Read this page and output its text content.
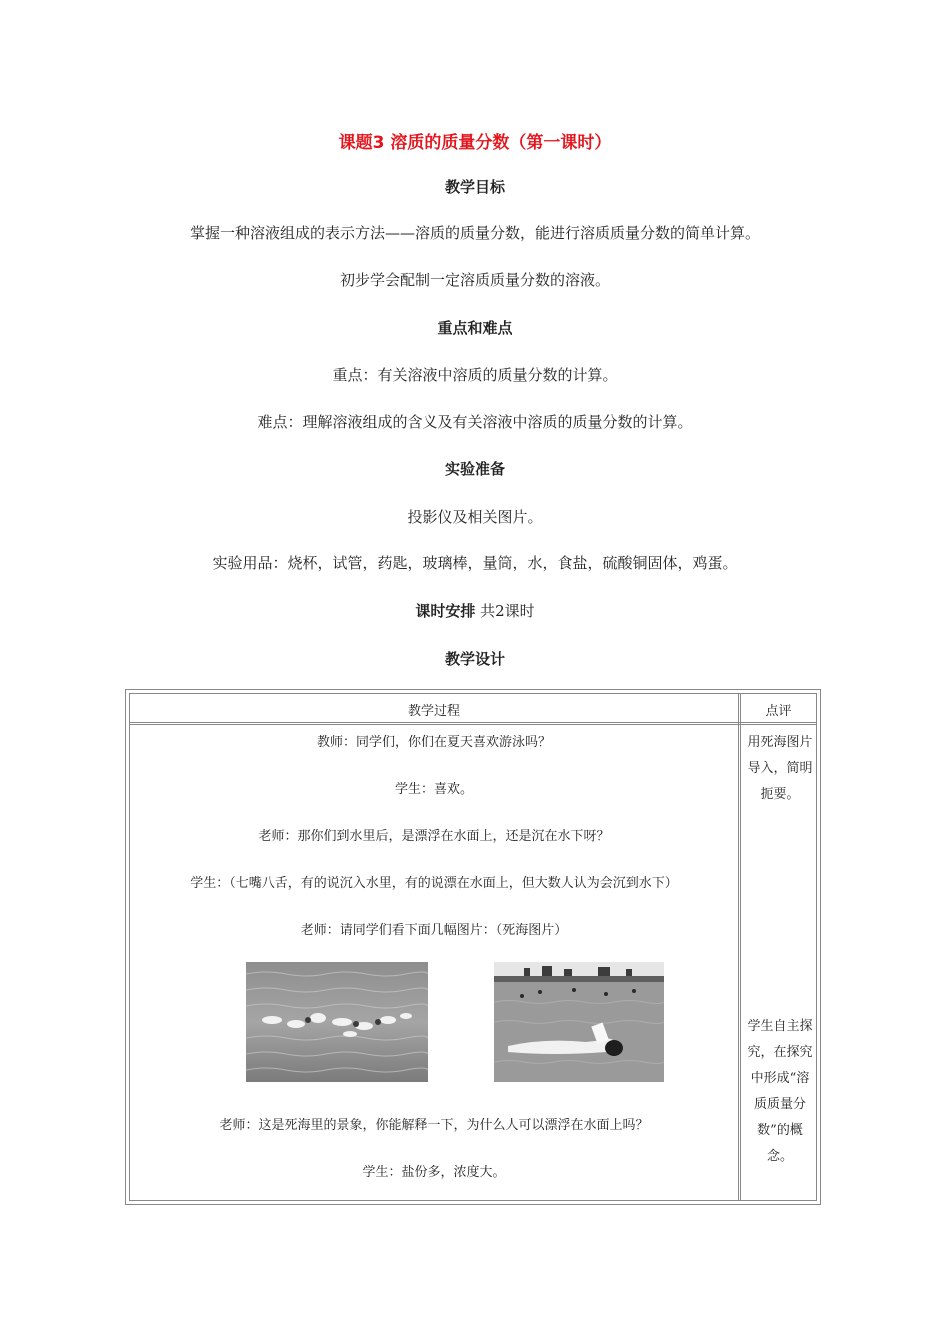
课题3 溶质的质量分数（第一课时）
教学目标
掌握一种溶液组成的表示方法——溶质的质量分数，能进行溶质质量分数的简单计算。
初步学会配制一定溶质质量分数的溶液。
重点和难点
重点：有关溶液中溶质的质量分数的计算。
难点：理解溶液组成的含义及有关溶液中溶质的质量分数的计算。
实验准备
投影仪及相关图片。
实验用品：烧杯，试管，药匙，玻璃棒，量筒，水，食盐，硫酸铜固体，鸡蛋。
课时安排 共2课时
教学设计
教学过程	点评
教师：同学们，你们在夏天喜欢游泳吗？
学生：喜欢。
老师：那你们到水里后，是漂浮在水面上，还是沉在水下呀？
学生：（七嘴八舌，有的说沉入水里，有的说漂在水面上，但大数人认为会沉到水下）
老师：请同学们看下面几幅图片：（死海图片）
老师：这是死海里的景象，你能解释一下，为什么人可以漂浮在水面上吗？
学生：盐份多，浓度大。
用死海图片
导入，简明
扼要。
学生自主探
究，在探究
中形成“溶
质质量分
数”的概
念。
